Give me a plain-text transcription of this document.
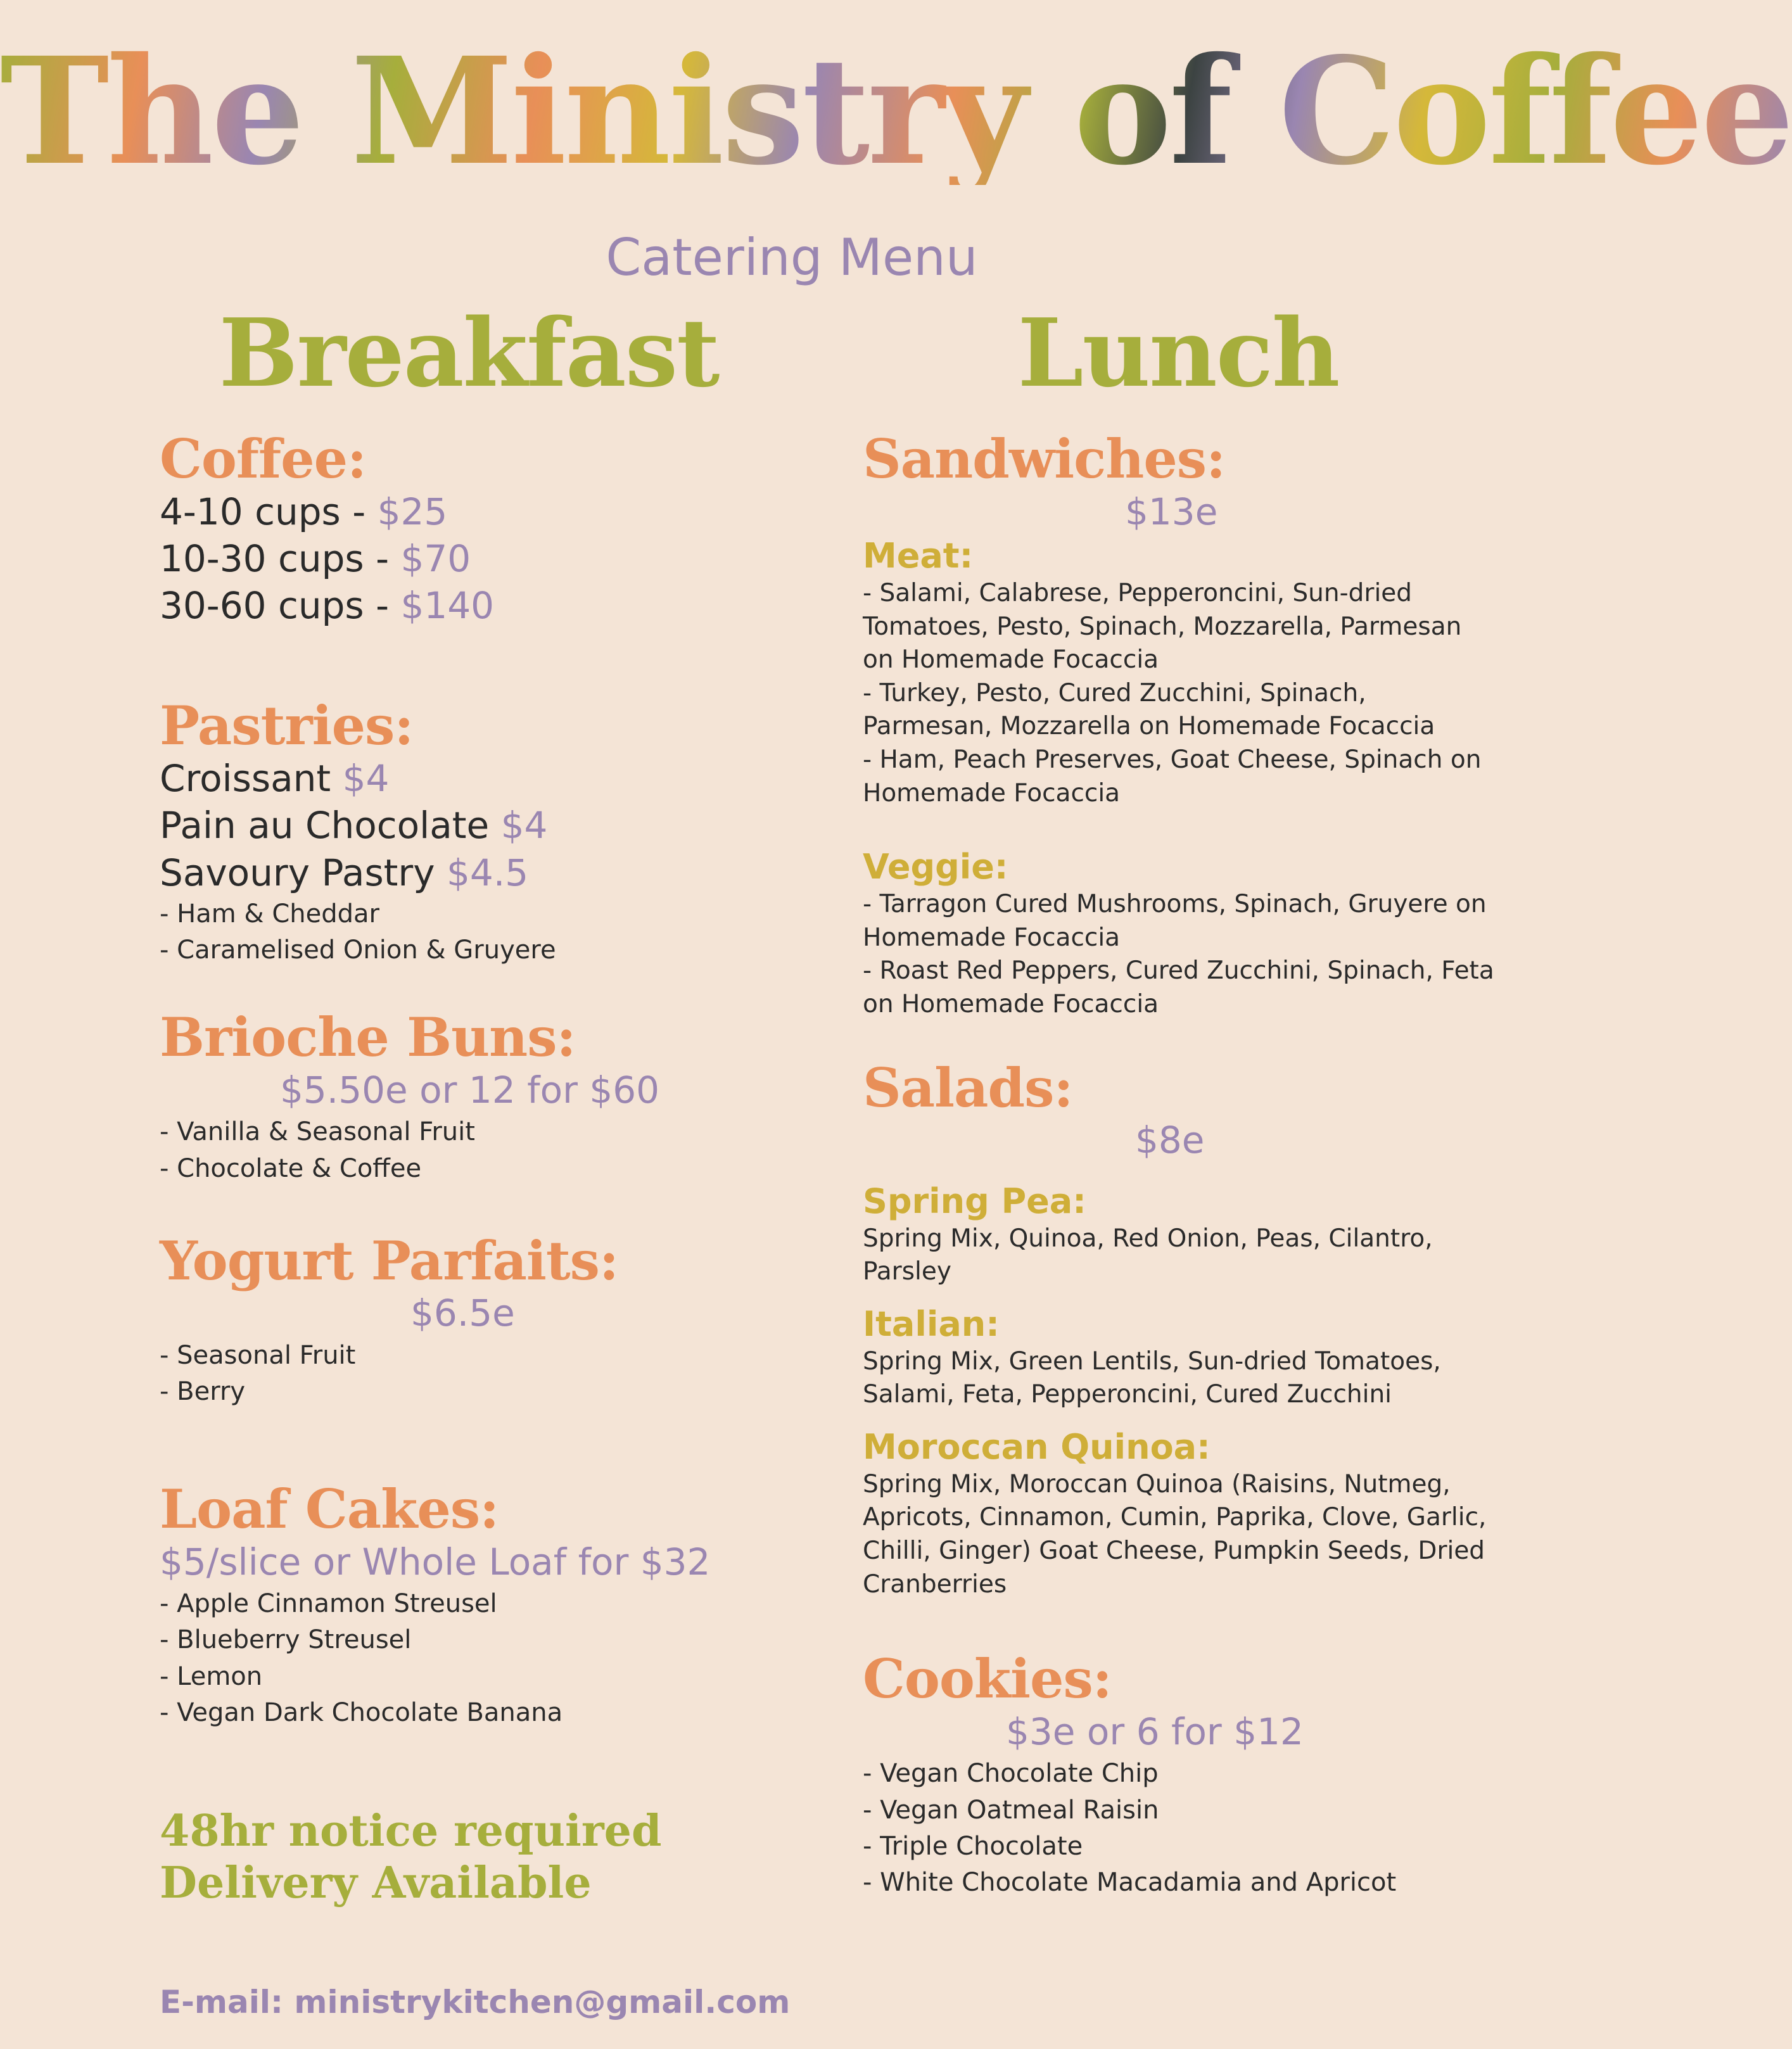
The Ministry of Coffee
Catering Menu
Breakfast	Lunch
Coffee:
4-10 cups - $25
10-30 cups - $70
30-60 cups - $140
Pastries:
Croissant $4
Pain au Chocolate $4
Savoury Pastry $4.5
- Ham & Cheddar
- Caramelised Onion & Gruyere
Brioche Buns:
$5.50e or 12 for $60
- Vanilla & Seasonal Fruit
- Chocolate & Coffee
Yogurt Parfaits:
$6.5e
- Seasonal Fruit
- Berry
Loaf Cakes:
$5/slice or Whole Loaf for $32
- Apple Cinnamon Streusel
- Blueberry Streusel
- Lemon
- Vegan Dark Chocolate Banana
48hr notice required
Delivery Available
E-mail: ministrykitchen@gmail.com
Sandwiches:
$13e
Meat:
- Salami, Calabrese, Pepperoncini, Sun-dried Tomatoes, Pesto, Spinach, Mozzarella, Parmesan on Homemade Focaccia
- Turkey, Pesto, Cured Zucchini, Spinach, Parmesan, Mozzarella on Homemade Focaccia
- Ham, Peach Preserves, Goat Cheese, Spinach on Homemade Focaccia
Veggie:
- Tarragon Cured Mushrooms, Spinach, Gruyere on Homemade Focaccia
- Roast Red Peppers, Cured Zucchini, Spinach, Feta on Homemade Focaccia
Salads:
$8e
Spring Pea:
Spring Mix, Quinoa, Red Onion, Peas, Cilantro, Parsley
Italian:
Spring Mix, Green Lentils, Sun-dried Tomatoes, Salami, Feta, Pepperoncini, Cured Zucchini
Moroccan Quinoa:
Spring Mix, Moroccan Quinoa (Raisins, Nutmeg, Apricots, Cinnamon, Cumin, Paprika, Clove, Garlic, Chilli, Ginger) Goat Cheese, Pumpkin Seeds, Dried Cranberries
Cookies:
$3e or 6 for $12
- Vegan Chocolate Chip
- Vegan Oatmeal Raisin
- Triple Chocolate
- White Chocolate Macadamia and Apricot
